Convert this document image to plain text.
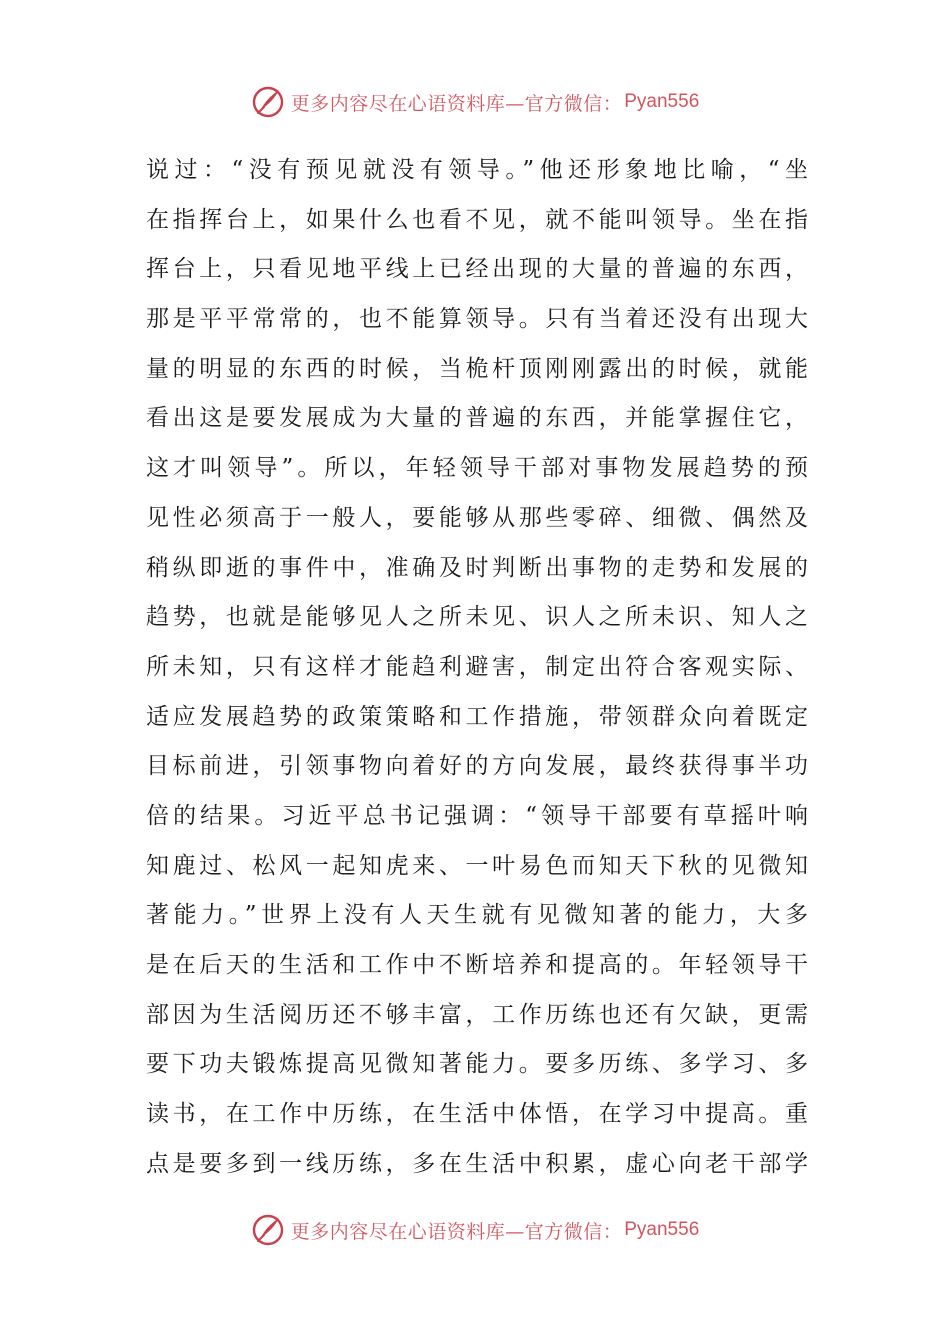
更多内容尽在心语资料库—官方微信： Pyan556
说过：“没有预见就没有领导。”他还形象地比喻，“坐
在指挥台上，如果什么也看不见，就不能叫领导。坐在指
挥台上，只看见地平线上已经出现的大量的普遍的东西，
那是平平常常的，也不能算领导。只有当着还没有出现大
量的明显的东西的时候，当桅杆顶刚刚露出的时候，就能
看出这是要发展成为大量的普遍的东西，并能掌握住它，
这才叫领导”。所以，年轻领导干部对事物发展趋势的预
见性必须高于一般人，要能够从那些零碎、细微、偶然及
稍纵即逝的事件中，准确及时判断出事物的走势和发展的
趋势，也就是能够见人之所未见、识人之所未识、知人之
所未知，只有这样才能趋利避害，制定出符合客观实际、
适应发展趋势的政策策略和工作措施，带领群众向着既定
目标前进，引领事物向着好的方向发展，最终获得事半功
倍的结果。习近平总书记强调：“领导干部要有草摇叶响
知鹿过、松风一起知虎来、一叶易色而知天下秋的见微知
著能力。”世界上没有人天生就有见微知著的能力，大多
是在后天的生活和工作中不断培养和提高的。年轻领导干
部因为生活阅历还不够丰富，工作历练也还有欠缺，更需
要下功夫锻炼提高见微知著能力。要多历练、多学习、多
读书，在工作中历练，在生活中体悟，在学习中提高。重
点是要多到一线历练，多在生活中积累，虚心向老干部学
更多内容尽在心语资料库—官方微信： Pyan556
